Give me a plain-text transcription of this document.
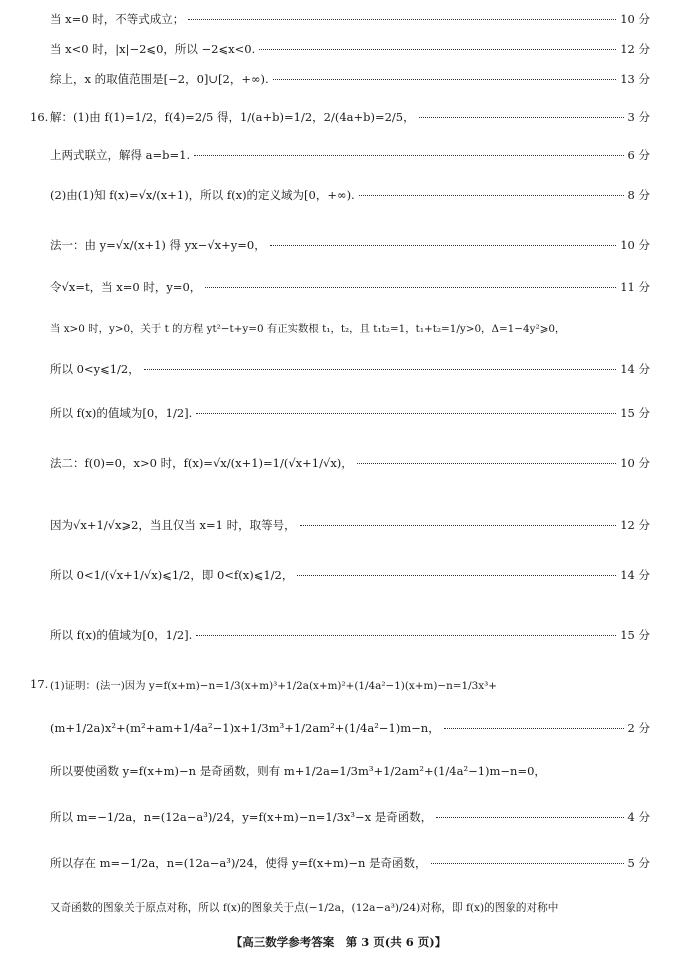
当 x=0 时，不等式成立；	10 分
当 x<0 时，|x|−2⩽0，所以 −2⩽x<0.	12 分
综上，x 的取值范围是[−2，0]∪[2，+∞).	13 分
16. 解：(1)由 f(1)=1/2，f(4)=2/5 得，1/(a+b)=1/2，2/(4a+b)=2/5，	3 分
上两式联立，解得 a=b=1.	6 分
(2)由(1)知 f(x)=√x/(x+1)，所以 f(x)的定义域为[0，+∞).	8 分
法一：由 y=√x/(x+1) 得 yx−√x+y=0，	10 分
令√x=t，当 x=0 时，y=0，	11 分
当 x>0 时，y>0，关于 t 的方程 yt²−t+y=0 有正实数根 t₁，t₂，且 t₁t₂=1，t₁+t₂=1/y>0，Δ=1−4y²⩾0，
所以 0<y⩽1/2，	14 分
所以 f(x)的值域为[0，1/2].	15 分
法二：f(0)=0，x>0 时，f(x)=√x/(x+1)=1/(√x+1/√x)，	10 分
因为√x+1/√x⩾2，当且仅当 x=1 时，取等号，	12 分
所以 0<1/(√x+1/√x)⩽1/2，即 0<f(x)⩽1/2，	14 分
所以 f(x)的值域为[0，1/2].	15 分
17. (1)证明：(法一)因为 y=f(x+m)−n=1/3(x+m)³+1/2a(x+m)²+(1/4a²−1)(x+m)−n=1/3x³+
(m+1/2a)x²+(m²+am+1/4a²−1)x+1/3m³+1/2am²+(1/4a²−1)m−n，	2 分
所以要使函数 y=f(x+m)−n 是奇函数，则有 m+1/2a=1/3m³+1/2am²+(1/4a²−1)m−n=0，
所以 m=−1/2a，n=(12a−a³)/24，y=f(x+m)−n=1/3x³−x 是奇函数，	4 分
所以存在 m=−1/2a，n=(12a−a³)/24，使得 y=f(x+m)−n 是奇函数，	5 分
又奇函数的图象关于原点对称，所以 f(x)的图象关于点(−1/2a，(12a−a³)/24)对称，即 f(x)的图象的对称中
【高三数学参考答案　第 3 页(共 6 页)】
